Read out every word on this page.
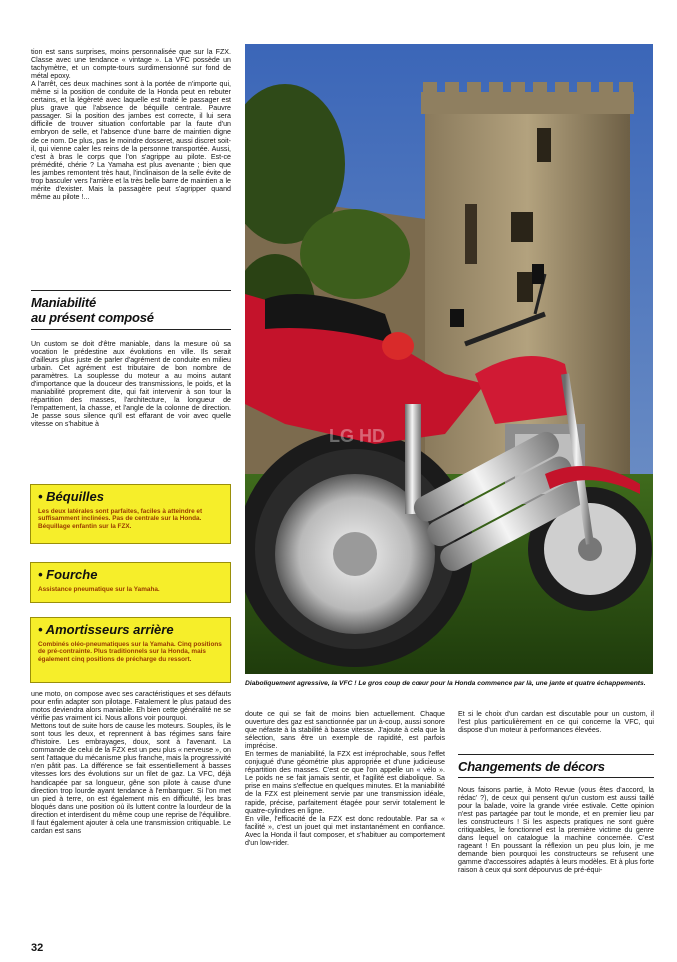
tion est sans surprises, moins personnalisée que sur la FZX. Classe avec une tendance « vintage ». La VFC possède un tachymètre, et un compte-tours surdimensionné sur fond de métal epoxy.

A l'arrêt, ces deux machines sont à la portée de n'importe qui, même si la position de conduite de la Honda peut en rebuter certains, et la légèreté avec laquelle est traité le passager est plus grave que l'absence de béquille centrale. Pauvre passager. Si la position des jambes est correcte, il lui sera difficile de trouver situation confortable par la faute d'un embryon de selle, et l'absence d'une barre de maintien digne de ce nom. De plus, pas le moindre dosseret, aussi discret soit-il, qui vienne caler les reins de la personne transportée. Aussi, c'est à bras le corps que l'on s'agrippe au pilote. Est-ce prémédité, chérie ? La Yamaha est plus avenante ; bien que les jambes remontent très haut, l'inclinaison de la selle évite de trop basculer vers l'arrière et la très belle barre de maintien a le mérite d'exister. Mais la passagère peut s'agripper quand même au pilote !...

Maniabilité
au présent composé

Un custom se doit d'être maniable, dans la mesure où sa vocation le prédestine aux évolutions en ville. Ils serait d'ailleurs plus juste de parler d'agrément de conduite en milieu urbain. Cet agrément est tributaire de bon nombre de paramètres. La souplesse du moteur a au moins autant d'importance que la douceur des transmissions, le poids, et la maniabilité proprement dite, qui fait intervenir à son tour la répartition des masses, l'architecture, la longueur de l'empattement, la chasse, et l'angle de la colonne de direction. Je passe sous silence qu'il est effarant de voir avec quelle vitesse on s'habitue à

• Béquilles
Les deux latérales sont parfaites, faciles à atteindre et suffisamment inclinées. Pas de centrale sur la Honda. Béquillage enfantin sur la FZX.
• Fourche
Assistance pneumatique sur la Yamaha.
• Amortisseurs arrière
Combinés oléo-pneumatiques sur la Yamaha. Cinq positions de pré-contrainte. Plus traditionnels sur la Honda, mais également cinq positions de précharge du ressort.
LG HD

Diaboliquement agressive, la VFC ! Le gros coup de cœur pour la Honda commence par là, une jante et quatre échappements.

une moto, on compose avec ses caractéristiques et ses défauts pour enfin adapter son pilotage. Fatalement le plus pataud des motos deviendra alors maniable. Eh bien cette généralité ne se vérifie pas vraiment ici. Nous allons voir pourquoi.

Mettons tout de suite hors de cause les moteurs. Souples, ils le sont tous les deux, et reprennent à bas régimes sans faire d'histoire. Les embrayages, doux, sont à l'avenant. La commande de celui de la FZX est un peu plus « nerveuse », on sent l'attaque du mécanisme plus franche, mais la progressivité n'en pâtit pas. La différence se fait essentiellement à basses vitesses lors des évolutions sur un filet de gaz. La VFC, déjà handicapée par sa longueur, gêne son pilote à cause d'une direction trop lourde ayant tendance à l'embarquer. Si l'on met un pied à terre, on est également mis en difficulté, les bras bloqués dans une position où ils luttent contre la lourdeur de la direction et interdisent du même coup une reprise de l'équilibre. Il faut également ajouter à cela une transmission critiquable. Le cardan est sans

doute ce qui se fait de moins bien actuellement. Chaque ouverture des gaz est sanctionnée par un à-coup, aussi sonore que néfaste à la stabilité à basse vitesse. J'ajoute à cela que la sélection, sans être un exemple de rapidité, est parfois imprécise.

En termes de maniabilité, la FZX est irréprochable, sous l'effet conjugué d'une géométrie plus appropriée et d'une judicieuse répartition des masses. C'est ce que l'on appelle un « vélo ». Le poids ne se fait jamais sentir, et l'agilité est diabolique. Sa prise en mains s'effectue en quelques minutes. Et la maniabilité de la FZX est pleinement servie par une transmission idéale, rapide, précise, parfaitement étagée pour servir totalement le quatre-cylindres en ligne.

En ville, l'efficacité de la FZX est donc redoutable. Par sa « facilité », c'est un jouet qui met instantanément en confiance. Avec la Honda il faut composer, et s'habituer au comportement d'un low-rider.

Et si le choix d'un cardan est discutable pour un custom, il l'est plus particulièrement en ce qui concerne la VFC, qui dispose d'un moteur à performances élevées.

Changements de décors

Nous faisons partie, à Moto Revue (vous êtes d'accord, la rédac' ?), de ceux qui pensent qu'un custom est aussi taillé pour la balade, voire la grande virée estivale. Cette opinion n'est pas partagée par tout le monde, et en premier lieu par les constructeurs ! Si les aspects pratiques ne sont guère critiquables, le fonctionnel est la première victime du genre dans lequel on catalogue la machine concernée. C'est rageant ! En poussant la réflexion un peu plus loin, je me demande bien pourquoi les constructeurs se refusent une gamme d'accessoires adaptés à leurs modèles. Et à plus forte raison à ceux qui sont dépourvus de pré-équi-

32
